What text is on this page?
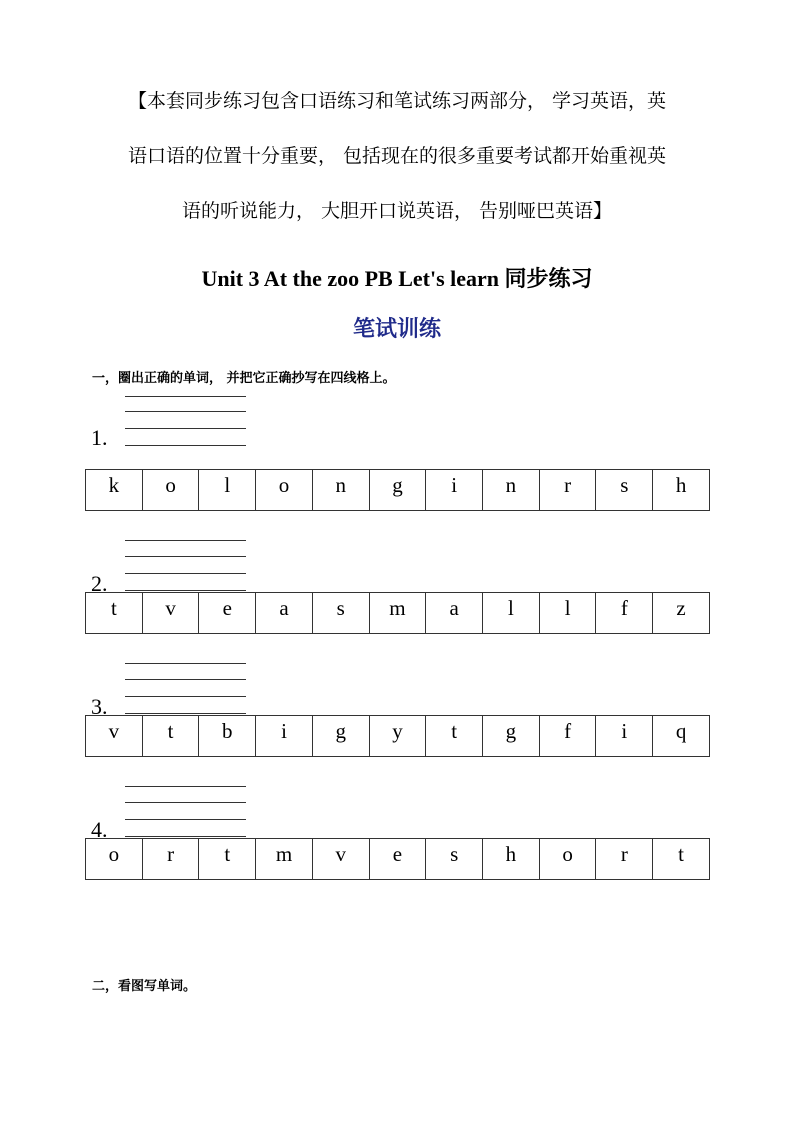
【本套同步练习包含口语练习和笔试练习两部分， 学习英语，英
语口语的位置十分重要， 包括现在的很多重要考试都开始重视英
语的听说能力， 大胆开口说英语， 告别哑巴英语】
Unit 3 At the zoo PB Let's learn 同步练习
笔试训练
一，圈出正确的单词， 并把它正确抄写在四线格上。
1.
k	o	l	o	n	g	i	n	r	s	h
2.
t	v	e	a	s	m	a	l	l	f	z
3.
v	t	b	i	g	y	t	g	f	i	q
4.
o	r	t	m	v	e	s	h	o	r	t
二，看图写单词。
